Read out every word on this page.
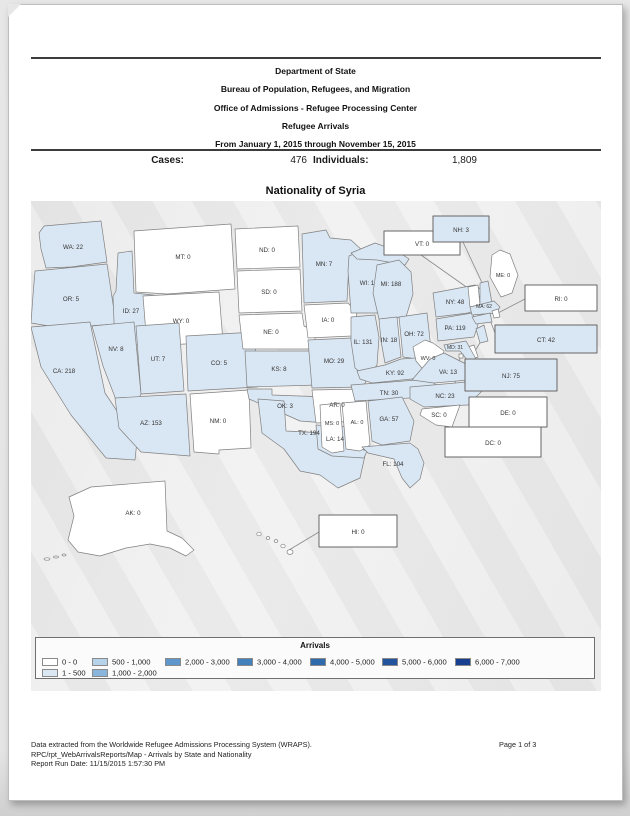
Department of State
Bureau of Population, Refugees, and Migration
Office of Admissions - Refugee Processing Center
Refugee Arrivals
From January 1, 2015 through November 15, 2015
Cases:	476 Individuals:	1,809
Nationality of Syria
WA: 22
OR: 5
CA: 218
ID: 27
MT: 0
WY: 0
NV: 8
UT: 7
CO: 5
AZ: 153	NM: 0
ND: 0
SD: 0
NE: 0
KS: 8
OK: 3
TX: 194
MN: 7
IA: 0
MO: 29
AR: 0
LA: 14
WI: 1 MI: 188
IL: 131 IN: 18
OH: 72
KY: 92
TN: 30
WV: 0
VA: 13
NC: 23
SC: 0
MS: 0 AL: 0	GA: 57
FL: 104
NY: 48
PA: 119
ME: 0
MA: 62
MD: 31
AK: 0
VT: 0
NH: 3
RI: 0
CT: 42
NJ: 75
DE: 0
DC: 0
HI: 0
Arrivals
0 - 0
1 - 500
500 - 1,000
1,000 - 2,000
2,000 - 3,000	3,000 - 4,000	4,000 - 5,000	5,000 - 6,000	6,000 - 7,000
Data extracted from the Worldwide Refugee Admissions Processing System (WRAPS).
RPC/rpt_WebArrivalsReports/Map - Arrivals by State and Nationality
Report Run Date: 11/15/2015 1:57:30 PM
Page 1 of 3
